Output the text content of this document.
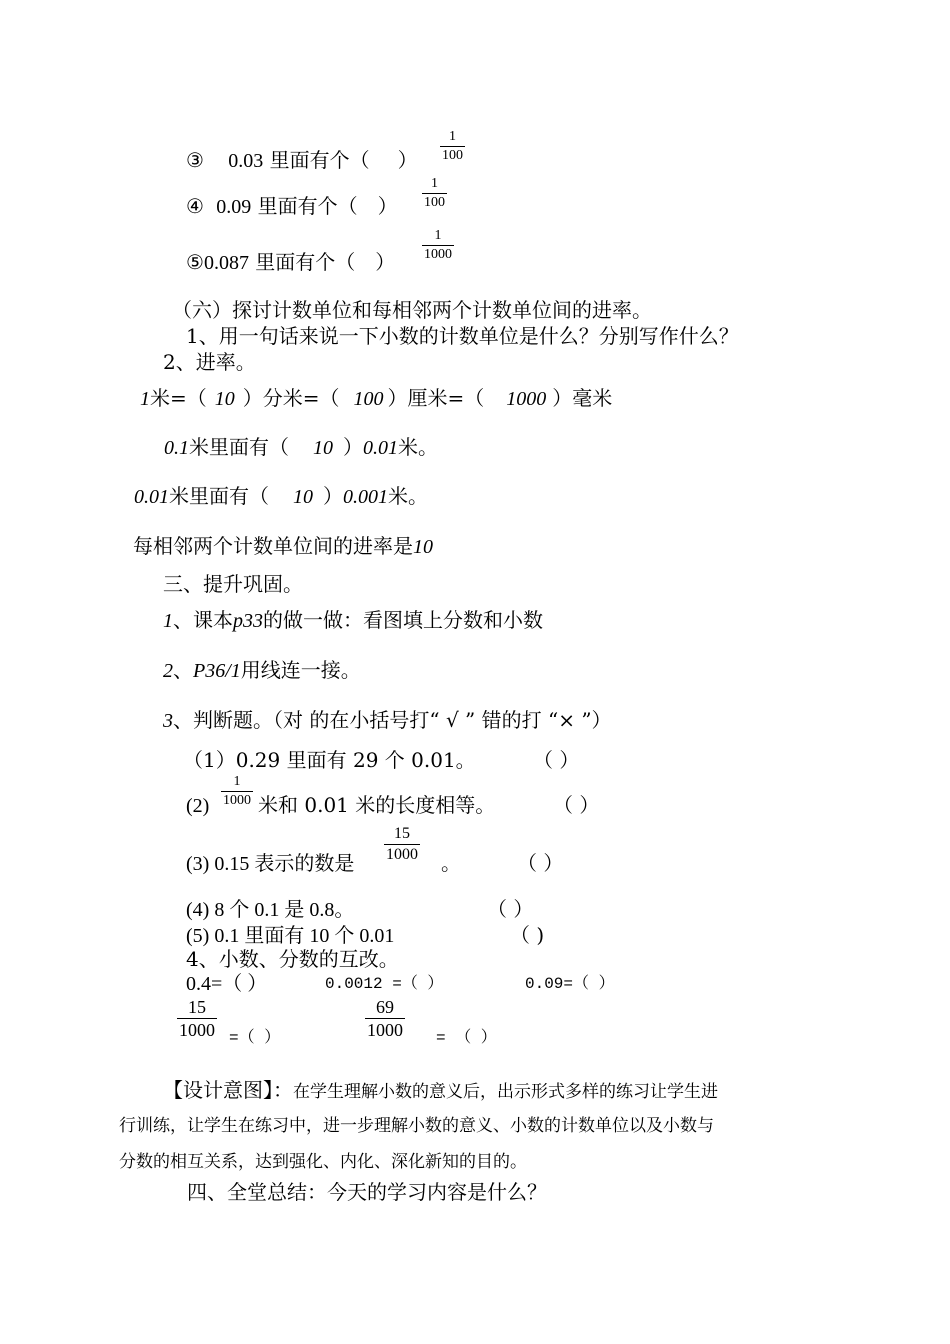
③ 0.03 里面有个（ ）
1
100
④ 0.09 里面有个（ ）
1
100
⑤0.087 里面有个（ ）
1
1000
（六）探讨计数单位和每相邻两个计数单位间的进率。
1、用一句话来说一下小数的计数单位是什么？分别写作什么？
2、进率。
1米=（ 10 ）分米=（ 100 ）厘米=（ 1000 ）毫米
0.1米里面有（ 10 ）0.01米。
0.01米里面有（ 10 ）0.001米。
每相邻两个计数单位间的进率是10
三、提升巩固。
1、课本p33的做一做：看图填上分数和小数
2、P36/1用线连一接。
3、判断题。（对 的在小括号打“ √ ” 错的打 “× ”）
（1）0.29 里面有 29 个 0.01。	（ ）
(2)
1
1000 米和 0.01 米的长度相等。	（ ）
(3) 0.15 表示的数是
15
1000 。	（ ）
(4) 8 个 0.1 是 0.8。	（ ）
(5) 0.1 里面有 10 个 0.01	（ )
4、小数、分数的互改。
0.4=（ ）	0.0012 =（ ）	0.09=（ ）
15
1000 =（ ）
69
1000 = （ ）
【设计意图】：在学生理解小数的意义后，出示形式多样的练习让学生进
行训练，让学生在练习中，进一步理解小数的意义、小数的计数单位以及小数与
分数的相互关系，达到强化、内化、深化新知的目的。
四、全堂总结：今天的学习内容是什么？
